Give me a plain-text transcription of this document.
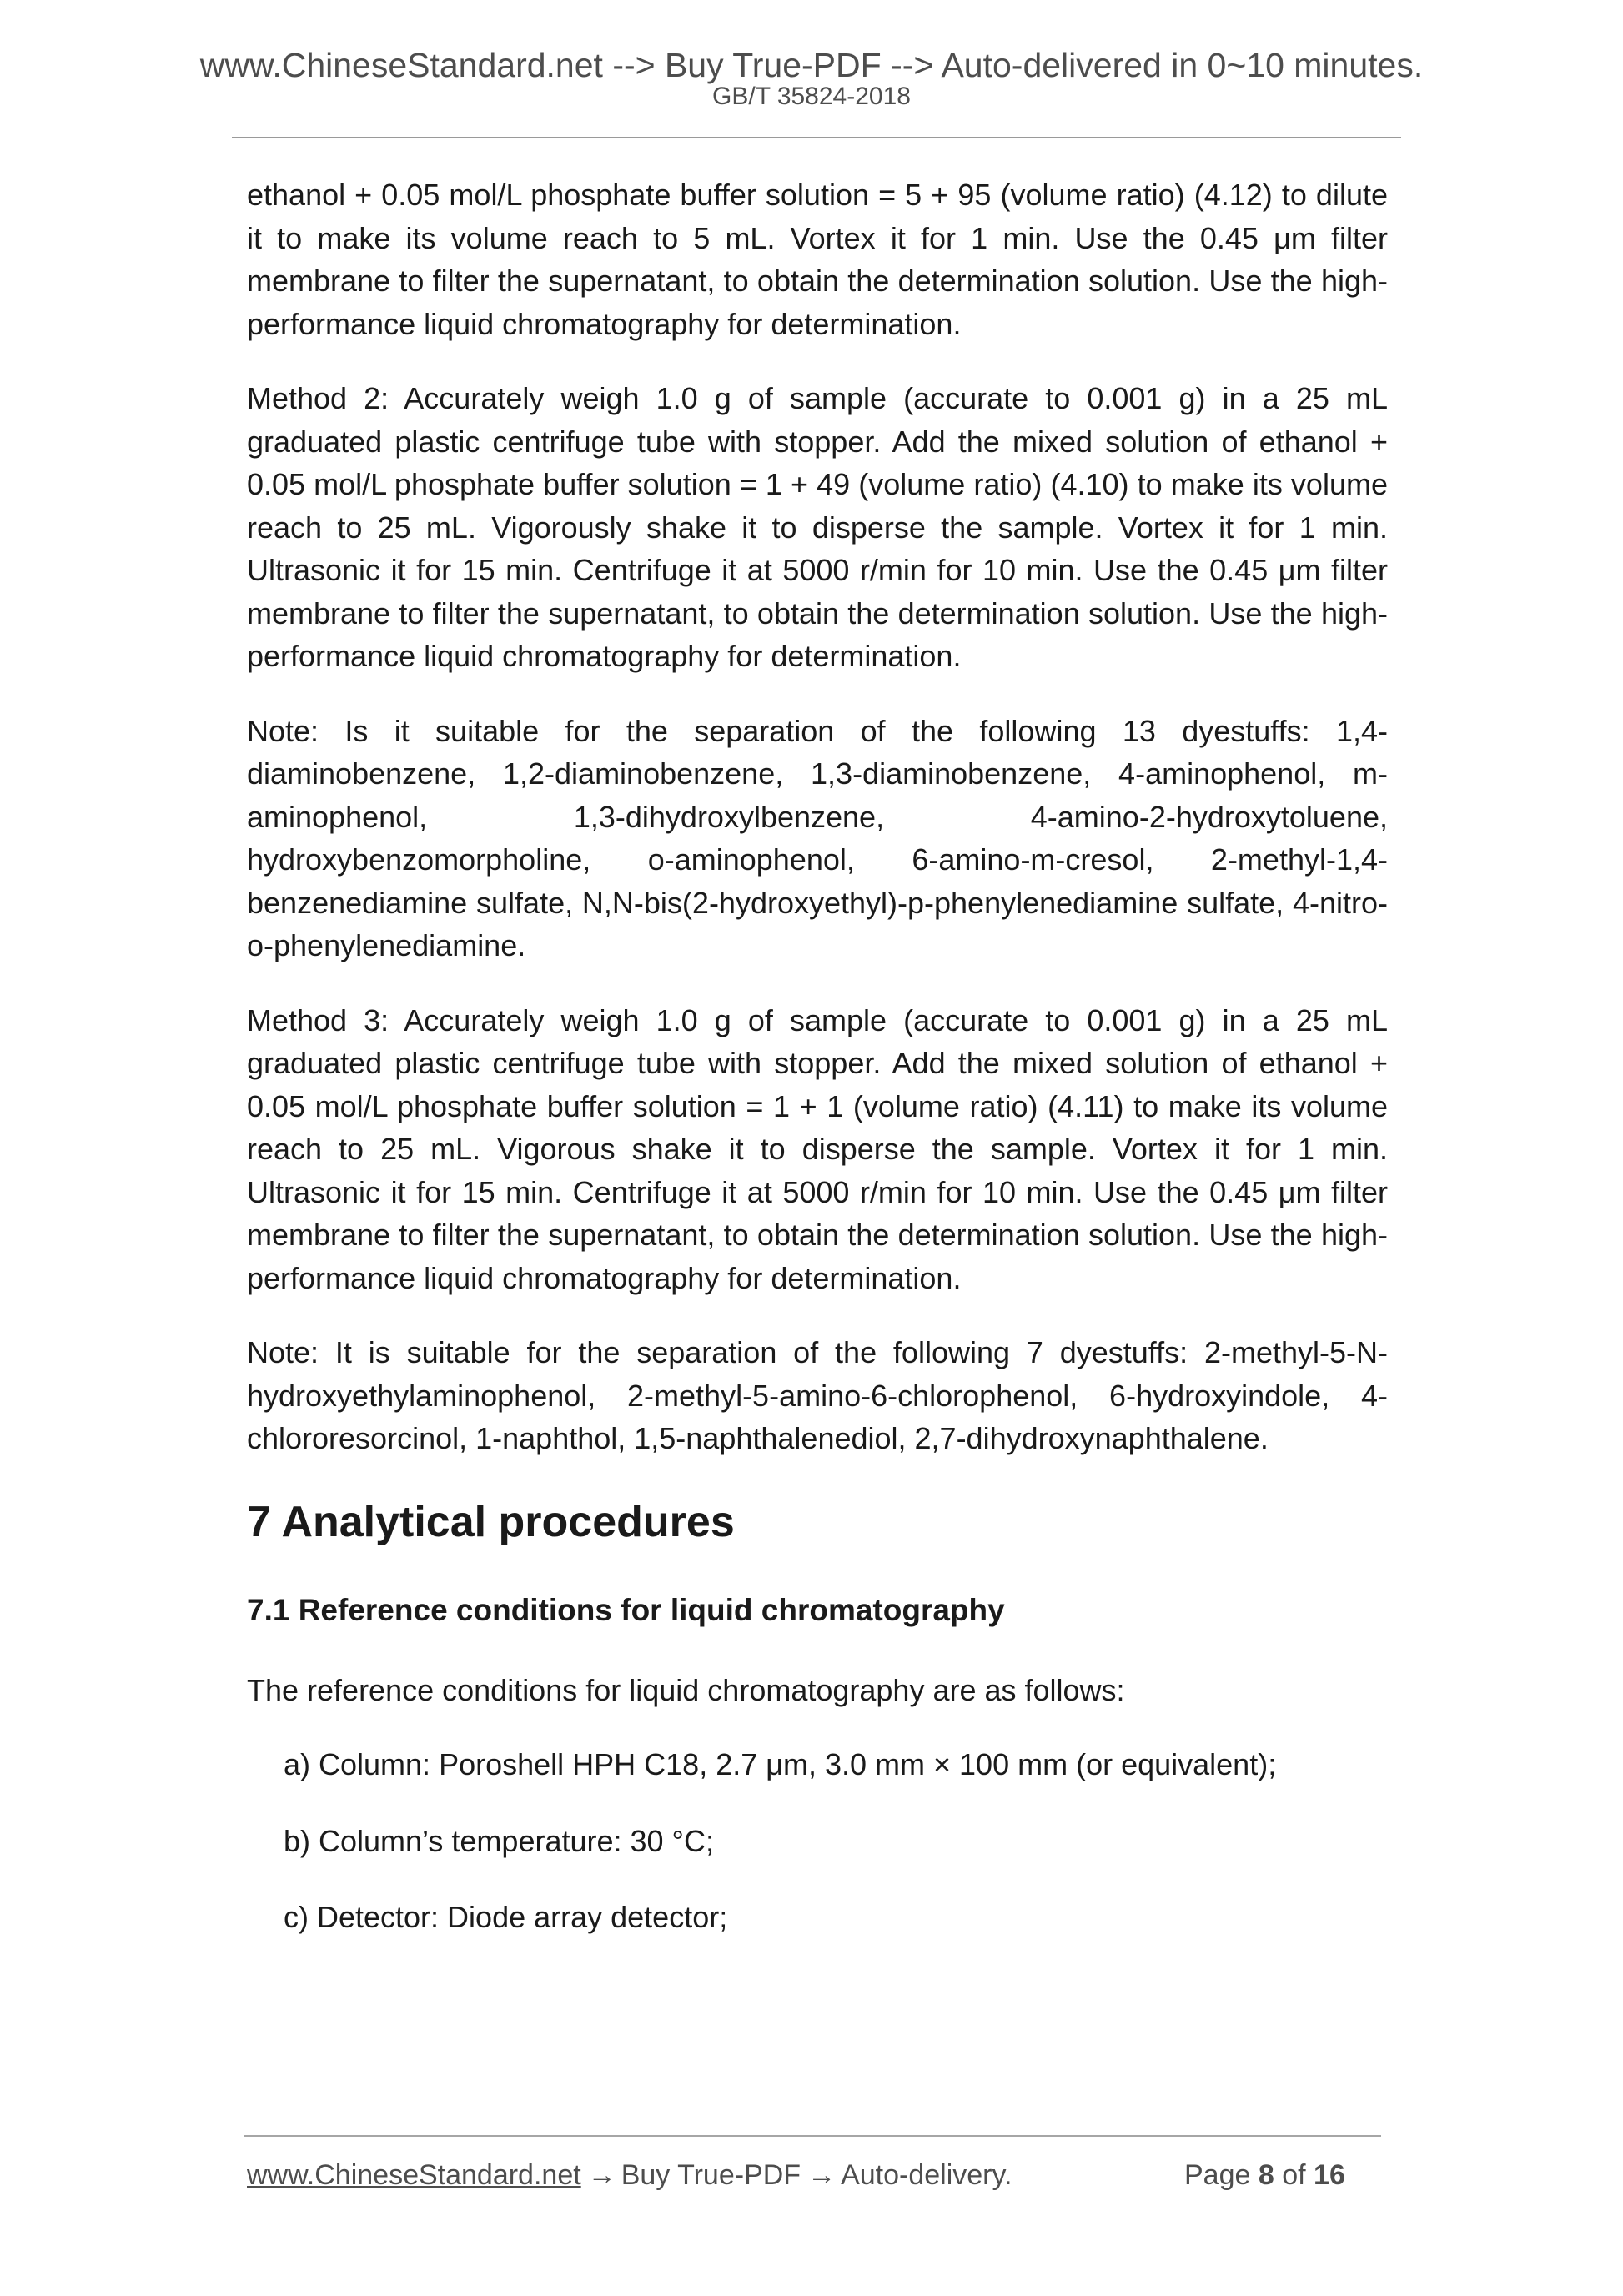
www.ChineseStandard.net --> Buy True-PDF --> Auto-delivered in 0~10 minutes.
GB/T 35824-2018

ethanol + 0.05 mol/L phosphate buffer solution = 5 + 95 (volume ratio) (4.12) to dilute it to make its volume reach to 5 mL. Vortex it for 1 min. Use the 0.45 μm filter membrane to filter the supernatant, to obtain the determination solution. Use the high-performance liquid chromatography for determination.

Method 2: Accurately weigh 1.0 g of sample (accurate to 0.001 g) in a 25 mL graduated plastic centrifuge tube with stopper. Add the mixed solution of ethanol + 0.05 mol/L phosphate buffer solution = 1 + 49 (volume ratio) (4.10) to make its volume reach to 25 mL. Vigorously shake it to disperse the sample. Vortex it for 1 min. Ultrasonic it for 15 min. Centrifuge it at 5000 r/min for 10 min. Use the 0.45 μm filter membrane to filter the supernatant, to obtain the determination solution. Use the high-performance liquid chromatography for determination.

Note: Is it suitable for the separation of the following 13 dyestuffs: 1,4-diaminobenzene, 1,2-diaminobenzene, 1,3-diaminobenzene, 4-aminophenol, m-aminophenol, 1,3-dihydroxylbenzene, 4-amino-2-hydroxytoluene, hydroxybenzomorpholine, o-aminophenol, 6-amino-m-cresol, 2-methyl-1,4-benzenediamine sulfate, N,N-bis(2-hydroxyethyl)-p-phenylenediamine sulfate, 4-nitro-o-phenylenediamine.

Method 3: Accurately weigh 1.0 g of sample (accurate to 0.001 g) in a 25 mL graduated plastic centrifuge tube with stopper. Add the mixed solution of ethanol + 0.05 mol/L phosphate buffer solution = 1 + 1 (volume ratio) (4.11) to make its volume reach to 25 mL. Vigorous shake it to disperse the sample. Vortex it for 1 min. Ultrasonic it for 15 min. Centrifuge it at 5000 r/min for 10 min. Use the 0.45 μm filter membrane to filter the supernatant, to obtain the determination solution. Use the high-performance liquid chromatography for determination.

Note: It is suitable for the separation of the following 7 dyestuffs: 2-methyl-5-N-hydroxyethylaminophenol, 2-methyl-5-amino-6-chlorophenol, 6-hydroxyindole, 4-chlororesorcinol, 1-naphthol, 1,5-naphthalenediol, 2,7-dihydroxynaphthalene.

7 Analytical procedures
7.1 Reference conditions for liquid chromatography

The reference conditions for liquid chromatography are as follows:

a) Column: Poroshell HPH C18, 2.7 μm, 3.0 mm × 100 mm (or equivalent);
b) Column’s temperature: 30 °C;
c) Detector: Diode array detector;
www.ChineseStandard.net → Buy True-PDF → Auto-delivery.	Page 8 of 16
